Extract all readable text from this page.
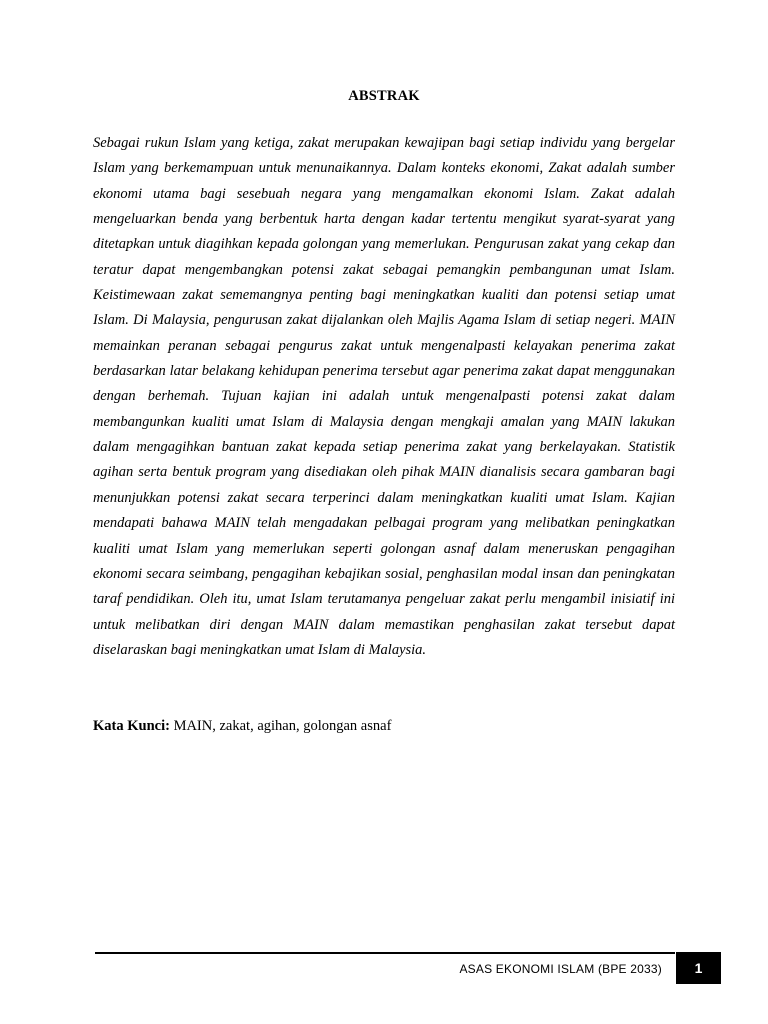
ABSTRAK

Sebagai rukun Islam yang ketiga, zakat merupakan kewajipan bagi setiap individu yang bergelar Islam yang berkemampuan untuk menunaikannya. Dalam konteks ekonomi, Zakat adalah sumber ekonomi utama bagi sesebuah negara yang mengamalkan ekonomi Islam. Zakat adalah mengeluarkan benda yang berbentuk harta dengan kadar tertentu mengikut syarat-syarat yang ditetapkan untuk diagihkan kepada golongan yang memerlukan. Pengurusan zakat yang cekap dan teratur dapat mengembangkan potensi zakat sebagai pemangkin pembangunan umat Islam. Keistimewaan zakat sememangnya penting bagi meningkatkan kualiti dan potensi setiap umat Islam. Di Malaysia, pengurusan zakat dijalankan oleh Majlis Agama Islam di setiap negeri. MAIN memainkan peranan sebagai pengurus zakat untuk mengenalpasti kelayakan penerima zakat berdasarkan latar belakang kehidupan penerima tersebut agar penerima zakat dapat menggunakan dengan berhemah. Tujuan kajian ini adalah untuk mengenalpasti potensi zakat dalam membangunkan kualiti umat Islam di Malaysia dengan mengkaji amalan yang MAIN lakukan dalam mengagihkan bantuan zakat kepada setiap penerima zakat yang berkelayakan. Statistik agihan serta bentuk program yang disediakan oleh pihak MAIN dianalisis secara gambaran bagi menunjukkan potensi zakat secara terperinci dalam meningkatkan kualiti umat Islam. Kajian mendapati bahawa MAIN telah mengadakan pelbagai program yang melibatkan peningkatkan kualiti umat Islam yang memerlukan seperti golongan asnaf dalam meneruskan pengagihan ekonomi secara seimbang, pengagihan kebajikan sosial, penghasilan modal insan dan peningkatan taraf pendidikan. Oleh itu, umat Islam terutamanya pengeluar zakat perlu mengambil inisiatif ini untuk melibatkan diri dengan MAIN dalam memastikan penghasilan zakat tersebut dapat diselaraskan bagi meningkatkan umat Islam di Malaysia.

Kata Kunci: MAIN, zakat, agihan, golongan asnaf
ASAS EKONOMI ISLAM (BPE 2033) 1
